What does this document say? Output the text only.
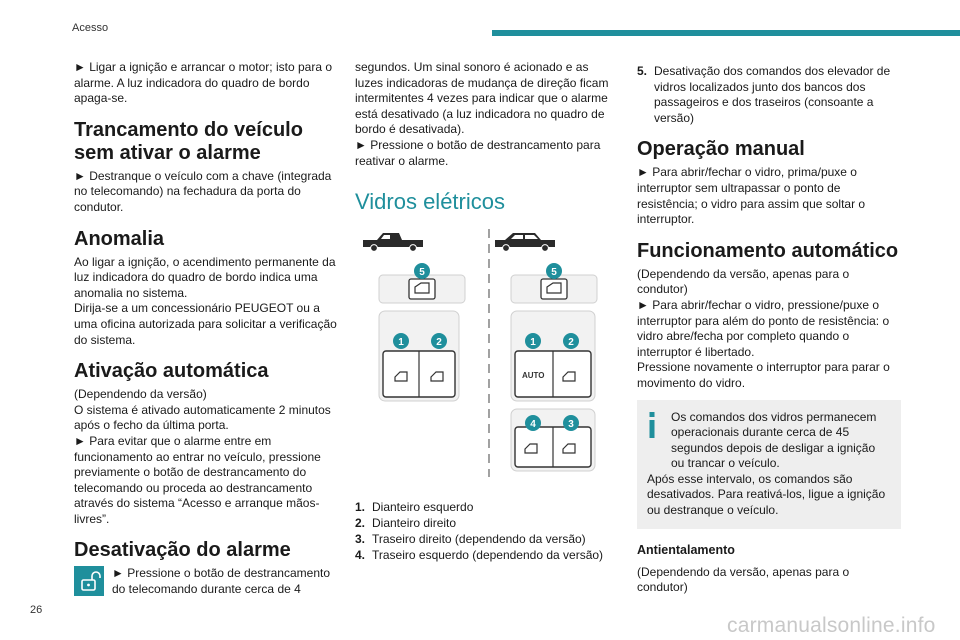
Acesso

► Ligar a ignição e arrancar o motor; isto para o alarme. A luz indicadora do quadro de bordo apaga-se.

Trancamento do veículo sem ativar o alarme

► Destranque o veículo com a chave (integrada no telecomando) na fechadura da porta do condutor.

Anomalia

Ao ligar a ignição, o acendimento permanente da luz indicadora do quadro de bordo indica uma anomalia no sistema.

Dirija-se a um concessionário PEUGEOT ou a uma oficina autorizada para solicitar a verificação do sistema.

Ativação automática

(Dependendo da versão)

O sistema é ativado automaticamente 2 minutos após o fecho da última porta.

► Para evitar que o alarme entre em funcionamento ao entrar no veículo, pressione previamente o botão de destrancamento do telecomando ou proceda ao destrancamento através do sistema “Acesso e arranque mãos-livres”.

Desativação do alarme

► Pressione o botão de destrancamento do telecomando durante cerca de 4

segundos. Um sinal sonoro é acionado e as luzes indicadoras de mudança de direção ficam intermitentes 4 vezes para indicar que o alarme está desativado (a luz indicadora no quadro de bordo é desativada).

► Pressione o botão de destrancamento para reativar o alarme.

Vidros elétricos
AUTO
5	5
1	2	1	2
4	3
1. Dianteiro esquerdo
2. Dianteiro direito
3. Traseiro direito (dependendo da versão)
4. Traseiro esquerdo (dependendo da versão)
5. Desativação dos comandos dos elevador de vidros localizados junto dos bancos dos passageiros e dos traseiros (consoante a versão)
Operação manual

► Para abrir/fechar o vidro, prima/puxe o interruptor sem ultrapassar o ponto de resistência; o vidro para assim que soltar o interruptor.

Funcionamento automático

(Dependendo da versão, apenas para o condutor)

► Para abrir/fechar o vidro, pressione/puxe o interruptor para além do ponto de resistência: o vidro abre/fecha por completo quando o interruptor é libertado.

Pressione novamente o interruptor para parar o movimento do vidro.

Os comandos dos vidros permanecem operacionais durante cerca de 45 segundos depois de desligar a ignição ou trancar o veículo.

Após esse intervalo, os comandos são desativados. Para reativá-los, ligue a ignição ou destranque o veículo.

Antientalamento

(Dependendo da versão, apenas para o condutor)

26
carmanualsonline.info
